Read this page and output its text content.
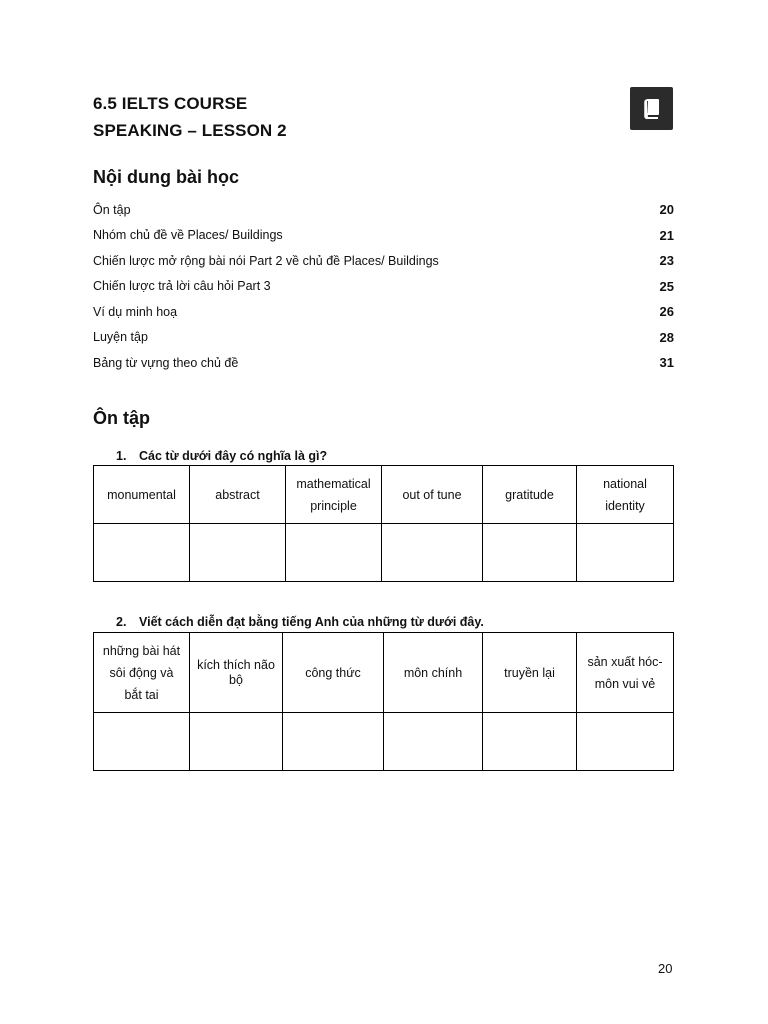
6.5 IELTS COURSE
SPEAKING – LESSON 2
Nội dung bài học
Ôn tập	20
Nhóm chủ đề về Places/ Buildings	21
Chiến lược mở rộng bài nói Part 2 về chủ đề Places/ Buildings	23
Chiến lược trả lời câu hỏi Part 3	25
Ví dụ minh hoạ	26
Luyện tập	28
Bảng từ vựng theo chủ đề	31
Ôn tập
1. Các từ dưới đây có nghĩa là gì?
monumental	abstract	mathematical principle	out of tune	gratitude	national identity

2. Viết cách diễn đạt bằng tiếng Anh của những từ dưới đây.
những bài hát sôi động và bắt tai	kích thích não bộ	công thức	môn chính	truyền lại	sản xuất hóc-môn vui vẻ

20
